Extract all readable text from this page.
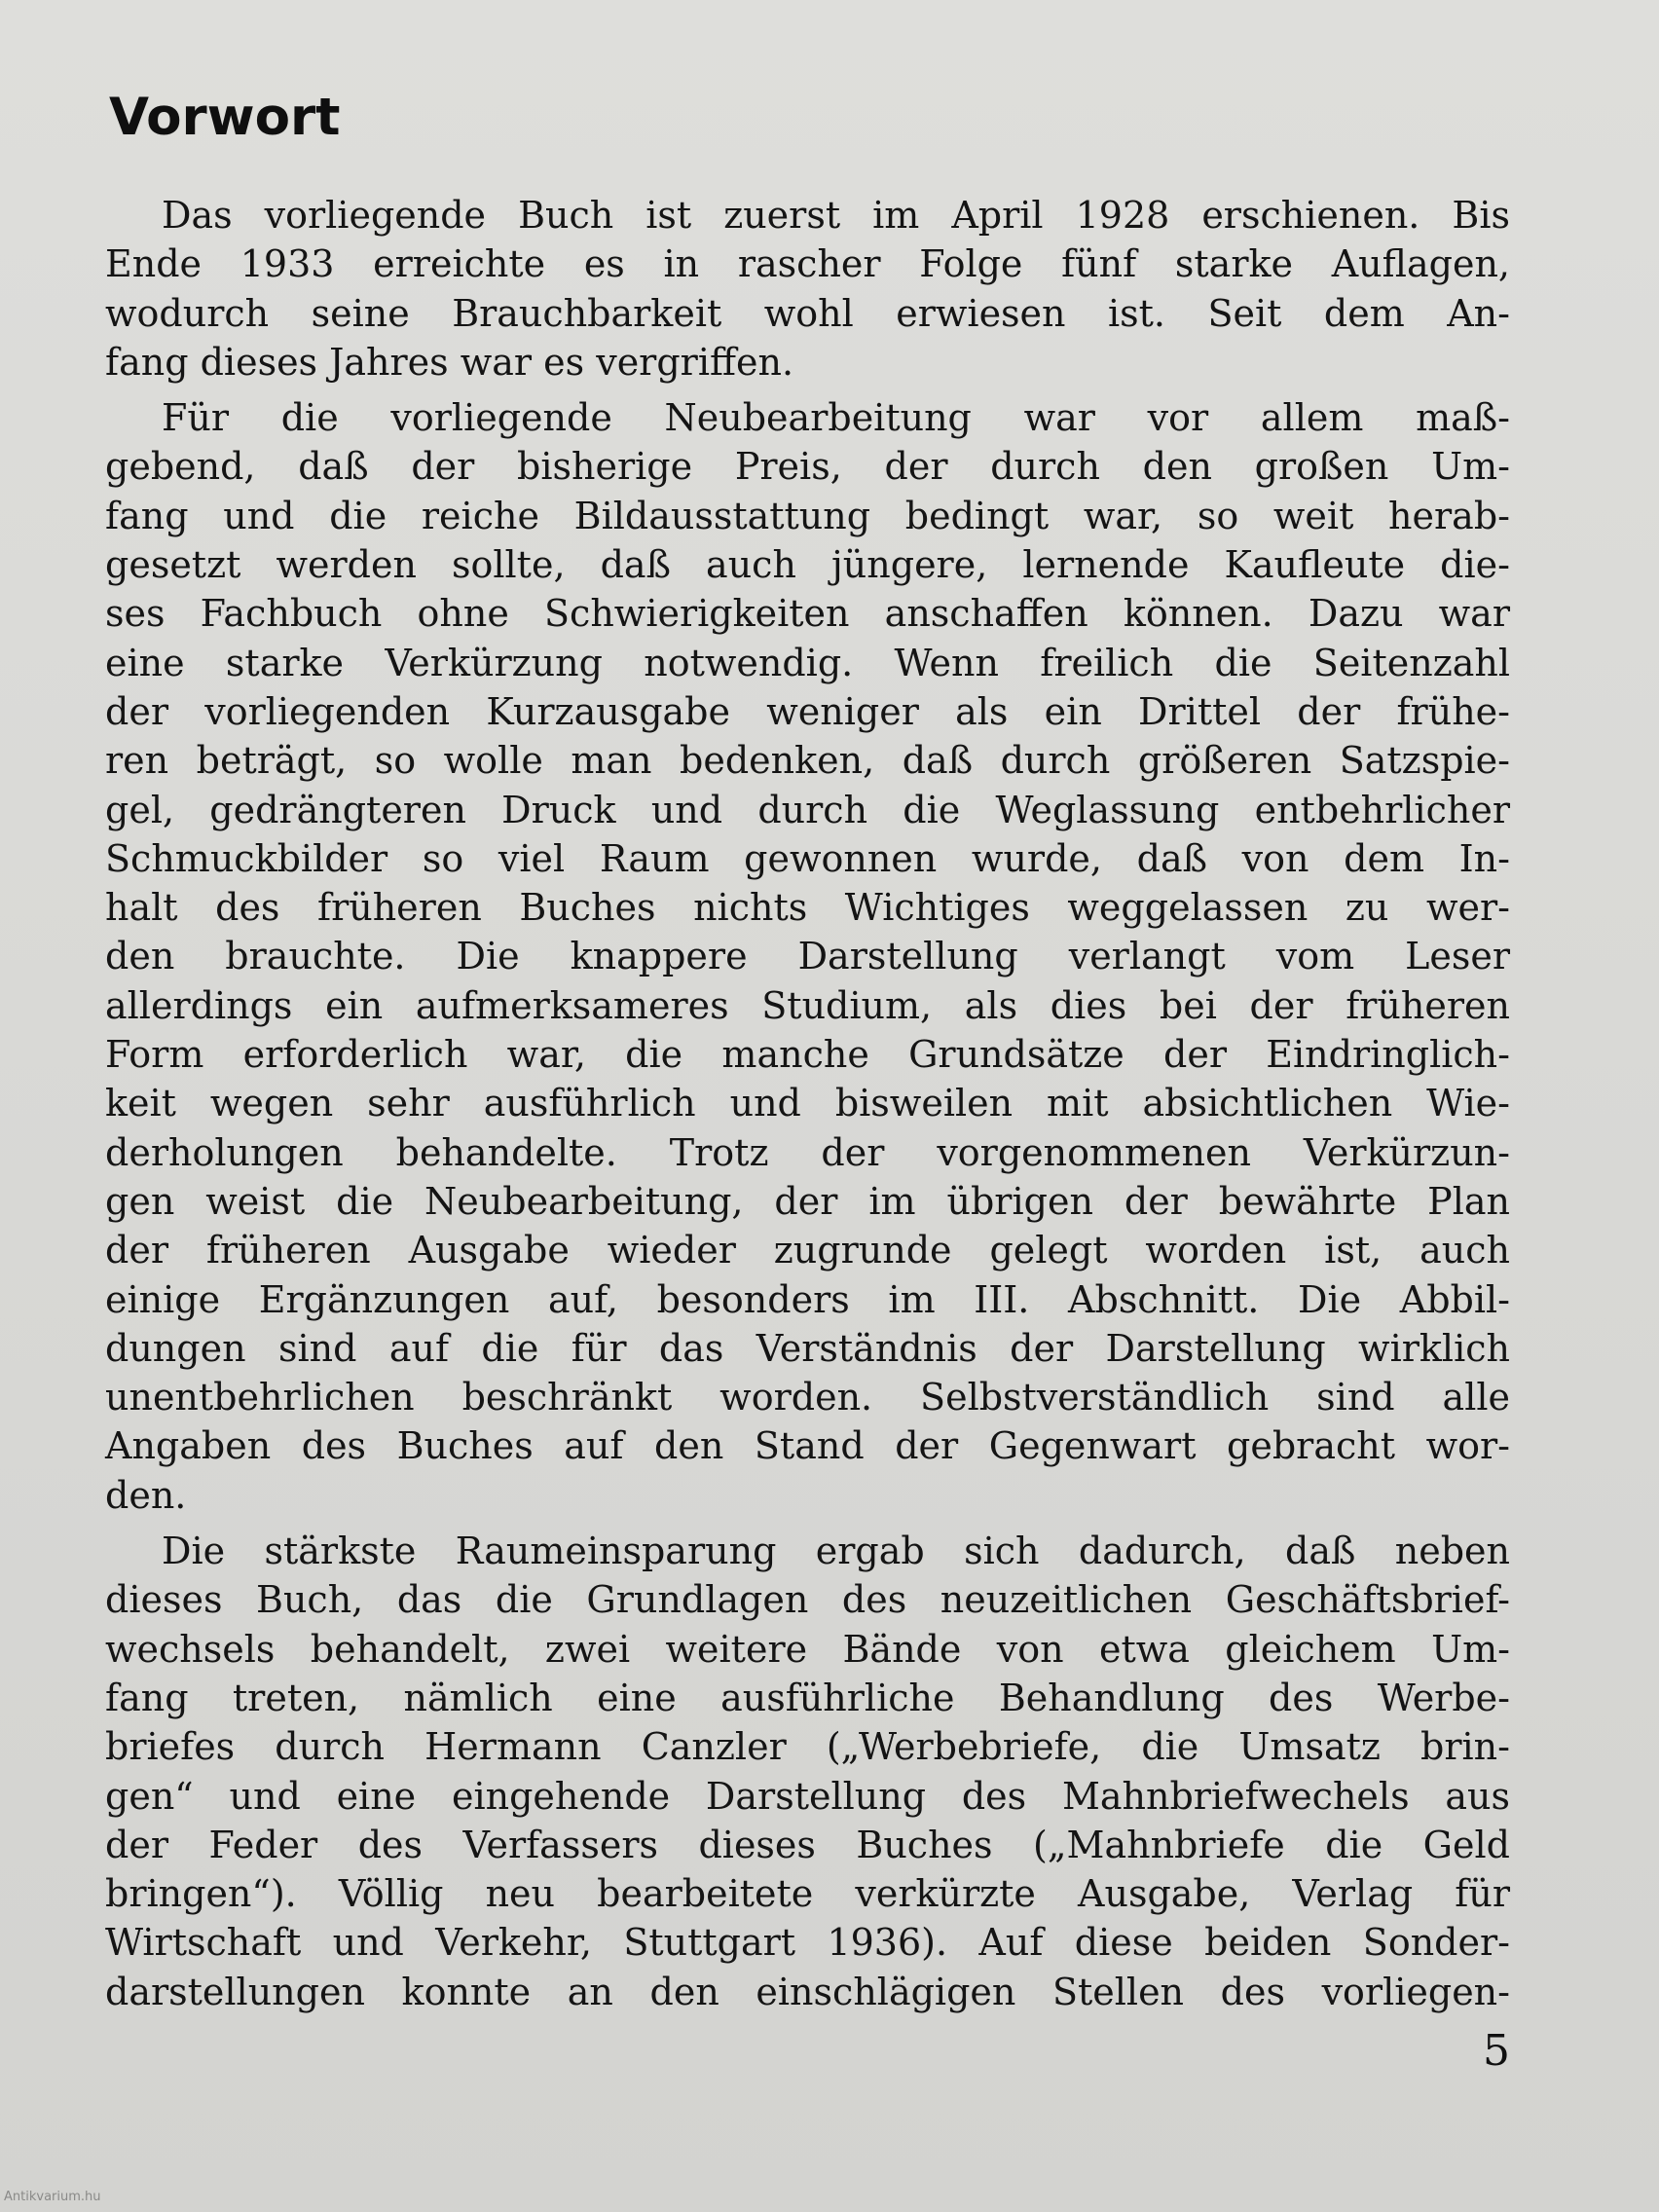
Vorwort
Das vorliegende Buch ist zuerst im April 1928 erschienen. Bis
Ende 1933 erreichte es in rascher Folge fünf starke Auflagen,
wodurch seine Brauchbarkeit wohl erwiesen ist. Seit dem An-
fang dieses Jahres war es vergriffen.
Für die vorliegende Neubearbeitung war vor allem maß-
gebend, daß der bisherige Preis, der durch den großen Um-
fang und die reiche Bildausstattung bedingt war, so weit herab-
gesetzt werden sollte, daß auch jüngere, lernende Kaufleute die-
ses Fachbuch ohne Schwierigkeiten anschaffen können. Dazu war
eine starke Verkürzung notwendig. Wenn freilich die Seitenzahl
der vorliegenden Kurzausgabe weniger als ein Drittel der frühe-
ren beträgt, so wolle man bedenken, daß durch größeren Satzspie-
gel, gedrängteren Druck und durch die Weglassung entbehrlicher
Schmuckbilder so viel Raum gewonnen wurde, daß von dem In-
halt des früheren Buches nichts Wichtiges weggelassen zu wer-
den brauchte. Die knappere Darstellung verlangt vom Leser
allerdings ein aufmerksameres Studium, als dies bei der früheren
Form erforderlich war, die manche Grundsätze der Eindringlich-
keit wegen sehr ausführlich und bisweilen mit absichtlichen Wie-
derholungen behandelte. Trotz der vorgenommenen Verkürzun-
gen weist die Neubearbeitung, der im übrigen der bewährte Plan
der früheren Ausgabe wieder zugrunde gelegt worden ist, auch
einige Ergänzungen auf, besonders im III. Abschnitt. Die Abbil-
dungen sind auf die für das Verständnis der Darstellung wirklich
unentbehrlichen beschränkt worden. Selbstverständlich sind alle
Angaben des Buches auf den Stand der Gegenwart gebracht wor-
den.
Die stärkste Raumeinsparung ergab sich dadurch, daß neben
dieses Buch, das die Grundlagen des neuzeitlichen Geschäftsbrief-
wechsels behandelt, zwei weitere Bände von etwa gleichem Um-
fang treten, nämlich eine ausführliche Behandlung des Werbe-
briefes durch Hermann Canzler („Werbebriefe, die Umsatz brin-
gen“ und eine eingehende Darstellung des Mahnbriefwechels aus
der Feder des Verfassers dieses Buches („Mahnbriefe die Geld
bringen“). Völlig neu bearbeitete verkürzte Ausgabe, Verlag für
Wirtschaft und Verkehr, Stuttgart 1936). Auf diese beiden Sonder-
darstellungen konnte an den einschlägigen Stellen des vorliegen-
5
Antikvarium.hu
